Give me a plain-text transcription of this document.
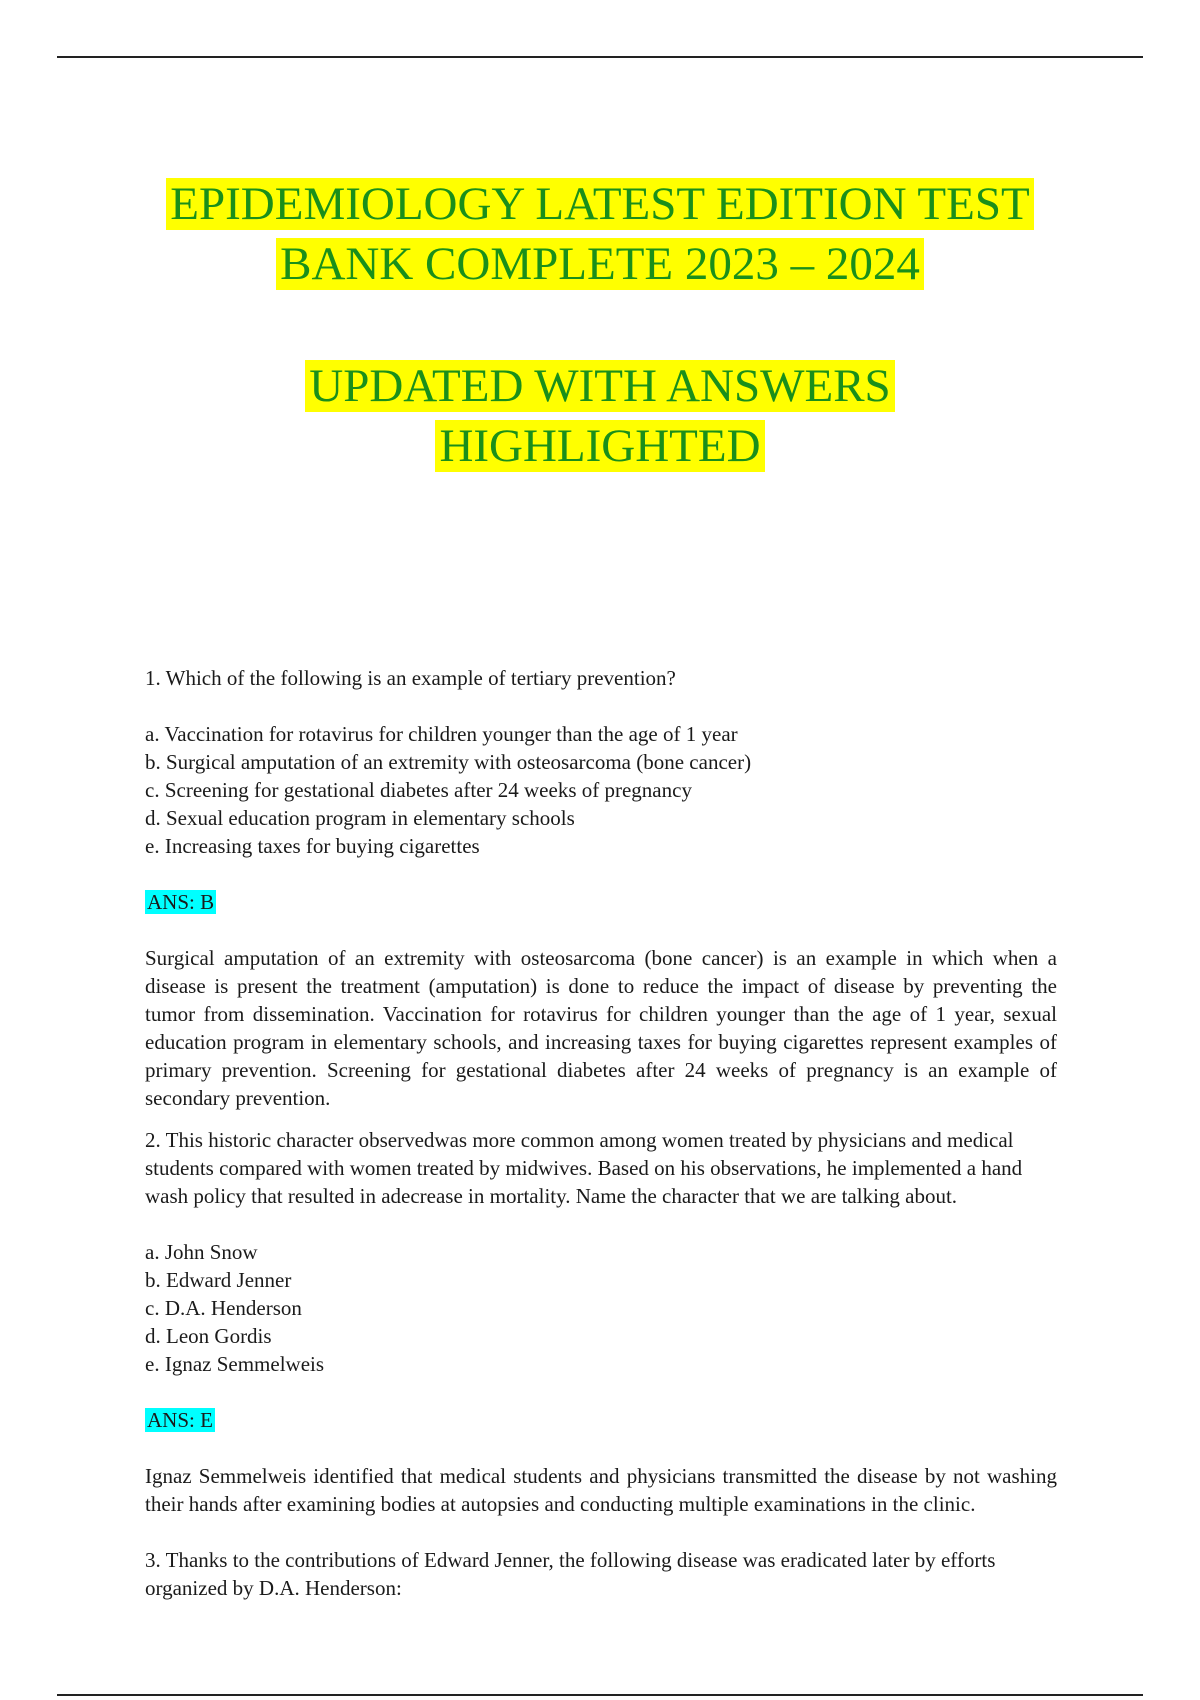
EPIDEMIOLOGY LATEST EDITION TEST
BANK COMPLETE 2023 – 2024
UPDATED WITH ANSWERS
HIGHLIGHTED

1. Which of the following is an example of tertiary prevention?

a. Vaccination for rotavirus for children younger than the age of 1 year
b. Surgical amputation of an extremity with osteosarcoma (bone cancer)
c. Screening for gestational diabetes after 24 weeks of pregnancy
d. Sexual education program in elementary schools
e. Increasing taxes for buying cigarettes

ANS: B

Surgical amputation of an extremity with osteosarcoma (bone cancer) is an example in which when a disease is present the treatment (amputation) is done to reduce the impact of disease by preventing the tumor from dissemination. Vaccination for rotavirus for children younger than the age of 1 year, sexual education program in elementary schools, and increasing taxes for buying cigarettes represent examples of primary prevention. Screening for gestational diabetes after 24 weeks of pregnancy is an example of secondary prevention.

2. This historic character observedwas more common among women treated by physicians and medical students compared with women treated by midwives. Based on his observations, he implemented a hand wash policy that resulted in adecrease in mortality. Name the character that we are talking about.

a. John Snow
b. Edward Jenner
c. D.A. Henderson
d. Leon Gordis
e. Ignaz Semmelweis

ANS: E

Ignaz Semmelweis identified that medical students and physicians transmitted the disease by not washing their hands after examining bodies at autopsies and conducting multiple examinations in the clinic.

3. Thanks to the contributions of Edward Jenner, the following disease was eradicated later by efforts organized by D.A. Henderson:
